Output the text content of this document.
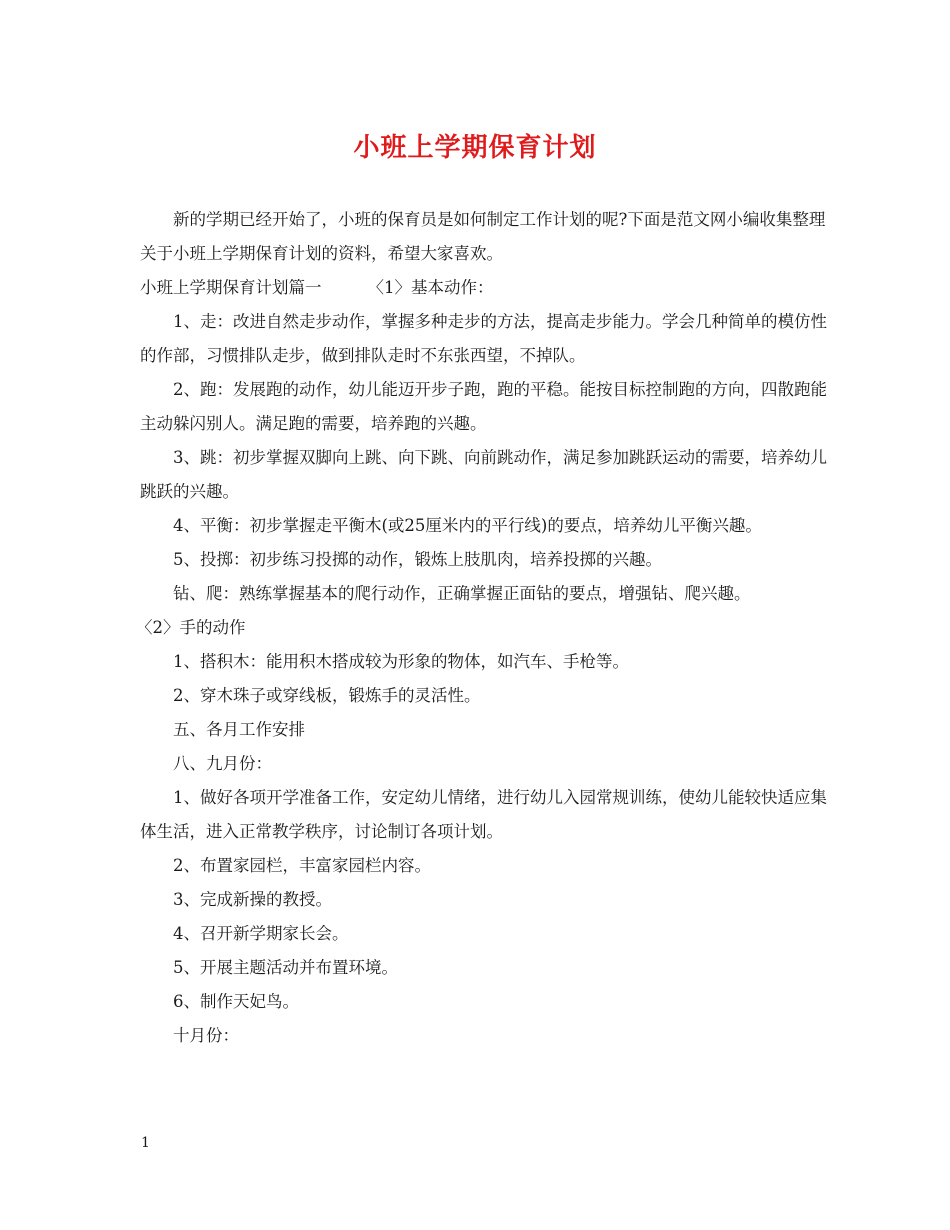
小班上学期保育计划

新的学期已经开始了，小班的保育员是如何制定工作计划的呢?下面是范文网小编收集整理关于小班上学期保育计划的资料，希望大家喜欢。

小班上学期保育计划篇一	〈1〉基本动作：

1、走：改进自然走步动作，掌握多种走步的方法，提高走步能力。学会几种简单的模仿性的作部，习惯排队走步，做到排队走时不东张西望，不掉队。

2、跑：发展跑的动作，幼儿能迈开步子跑，跑的平稳。能按目标控制跑的方向，四散跑能主动躲闪别人。满足跑的需要，培养跑的兴趣。

3、跳：初步掌握双脚向上跳、向下跳、向前跳动作，满足参加跳跃运动的需要，培养幼儿跳跃的兴趣。

4、平衡：初步掌握走平衡木(或25厘米内的平行线)的要点，培养幼儿平衡兴趣。

5、投掷：初步练习投掷的动作，锻炼上肢肌肉，培养投掷的兴趣。

钻、爬：熟练掌握基本的爬行动作，正确掌握正面钻的要点，增强钻、爬兴趣。

〈2〉手的动作

1、搭积木：能用积木搭成较为形象的物体，如汽车、手枪等。

2、穿木珠子或穿线板，锻炼手的灵活性。

五、各月工作安排

八、九月份：

1、做好各项开学准备工作，安定幼儿情绪，进行幼儿入园常规训练，使幼儿能较快适应集体生活，进入正常教学秩序，讨论制订各项计划。

2、布置家园栏，丰富家园栏内容。

3、完成新操的教授。

4、召开新学期家长会。

5、开展主题活动并布置环境。

6、制作天妃鸟。

十月份：

1
